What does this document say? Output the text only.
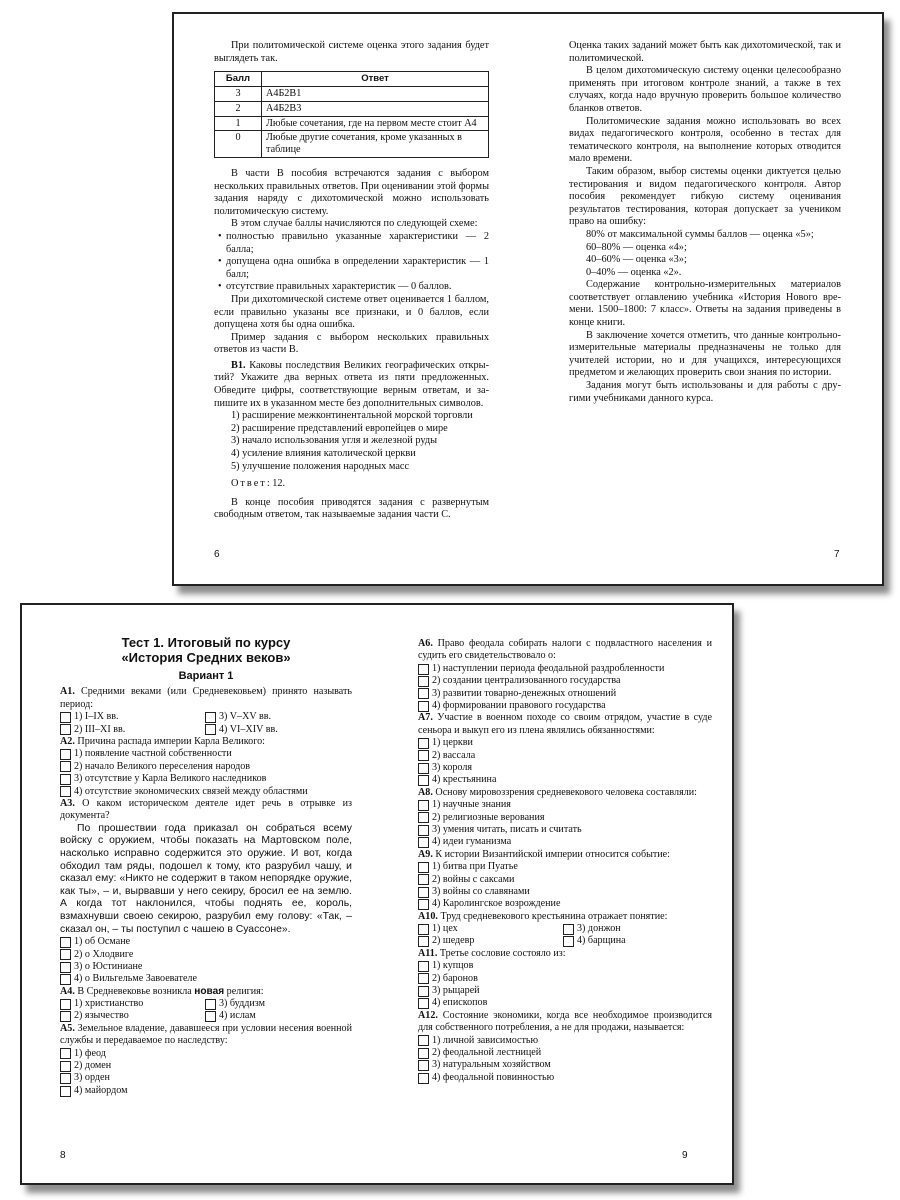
При политомической системе оценка этого задания будет выглядеть так.

Балл	Ответ
3	А4Б2В1
2	А4Б2В3
1	Любые сочетания, где на первом месте стоит А4
0	Любые другие сочетания, кроме указанных в таблице

В части В пособия встречаются задания с выбором нескольких правильных ответов. При оценивании этой формы задания наряду с дихотомической можно использовать политомическую систему.

В этом случае баллы начисляются по следующей схеме:

• полностью правильно указанные характеристики — 2 балла;
• допущена одна ошибка в определении характеристик — 1 балл;
• отсутствие правильных характеристик — 0 баллов.

При дихотомической системе ответ оценивается 1 баллом, если правильно указаны все признаки, и 0 баллов, если допущена хотя бы одна ошибка.

Пример задания с выбором нескольких правильных ответов из части В.

В1. Каковы последствия Великих географических открытий? Укажите два верных ответа из пяти предложенных. Обведите цифры, соответствующие верным ответам, и запишите их в указанном месте без дополнительных символов.

1) расширение межконтинентальной морской торговли
2) расширение представлений европейцев о мире
3) начало использования угля и железной руды
4) усиление влияния католической церкви
5) улучшение положения народных масс

Ответ: 12.

В конце пособия приводятся задания с развернутым свободным ответом, так называемые задания части С.

Оценка таких заданий может быть как дихотомической, так и политомической.

В целом дихотомическую систему оценки целесообразно применять при итоговом контроле знаний, а также в тех случаях, когда надо вручную проверить большое количество бланков ответов.

Политомические задания можно использовать во всех видах педагогического контроля, особенно в тестах для тематического контроля, на выполнение которых отводится мало времени.

Таким образом, выбор системы оценки диктуется целью тестирования и видом педагогического контроля. Автор пособия рекомендует гибкую систему оценивания результатов тестирования, которая допускает за учеником право на ошибку:

80% от максимальной суммы баллов — оценка «5»;
60–80% — оценка «4»;
40–60% — оценка «3»;
0–40% — оценка «2».

Содержание контрольно-измерительных материалов соответствует оглавлению учебника «История Нового времени. 1500–1800: 7 класс». Ответы на задания приведены в конце книги.

В заключение хочется отметить, что данные контрольно-измерительные материалы предназначены не только для учителей истории, но и для учащихся, интересующихся предметом и желающих проверить свои знания по истории.

Задания могут быть использованы и для работы с другими учебниками данного курса.

6	7
Тест 1. Итоговый по курсу
«История Средних веков»
Вариант 1

А1. Средними веками (или Средневековьем) принято называть период:

1) I–IX вв.	3) V–XV вв.
2) III–XI вв.	4) VI–XIV вв.

А2. Причина распада империи Карла Великого:

1) появление частной собственности
2) начало Великого переселения народов
3) отсутствие у Карла Великого наследников
4) отсутствие экономических связей между областями

А3. О каком историческом деятеле идет речь в отрывке из документа?

По прошествии года приказал он собраться всему войску с оружием, чтобы показать на Мартовском поле, насколько исправно содержится это оружие. И вот, когда обходил там ряды, подошел к тому, кто разрубил чашу, и сказал ему: «Никто не содержит в таком непорядке оружие, как ты», – и, вырвавши у него секиру, бросил ее на землю. А когда тот наклонился, чтобы поднять ее, король, взмахнувши своею секирою, разрубил ему голову: «Так, – сказал он, – ты поступил с чашею в Суассоне».

1) об Османе
2) о Хлодвиге
3) о Юстиниане
4) о Вильгельме Завоевателе

А4. В Средневековье возникла новая религия:

1) христианство	3) буддизм
2) язычество	4) ислам

А5. Земельное владение, дававшееся при условии несения военной службы и передаваемое по наследству:

1) феод
2) домен
3) орден
4) майордом

А6. Право феодала собирать налоги с подвластного населения и судить его свидетельствовало о:

1) наступлении периода феодальной раздробленности
2) создании централизованного государства
3) развитии товарно-денежных отношений
4) формировании правового государства

А7. Участие в военном походе со своим отрядом, участие в суде сеньора и выкуп его из плена являлись обязанностями:

1) церкви
2) вассала
3) короля
4) крестьянина

А8. Основу мировоззрения средневекового человека составляли:

1) научные знания
2) религиозные верования
3) умения читать, писать и считать
4) идеи гуманизма

А9. К истории Византийской империи относится событие:

1) битва при Пуатье
2) войны с саксами
3) войны со славянами
4) Каролингское возрождение

А10. Труд средневекового крестьянина отражает понятие:

1) цех	3) донжон
2) шедевр	4) барщина

А11. Третье сословие состояло из:

1) купцов
2) баронов
3) рыцарей
4) епископов

А12. Состояние экономики, когда все необходимое производится для собственного потребления, а не для продажи, называется:

1) личной зависимостью
2) феодальной лестницей
3) натуральным хозяйством
4) феодальной повинностью
8	9
